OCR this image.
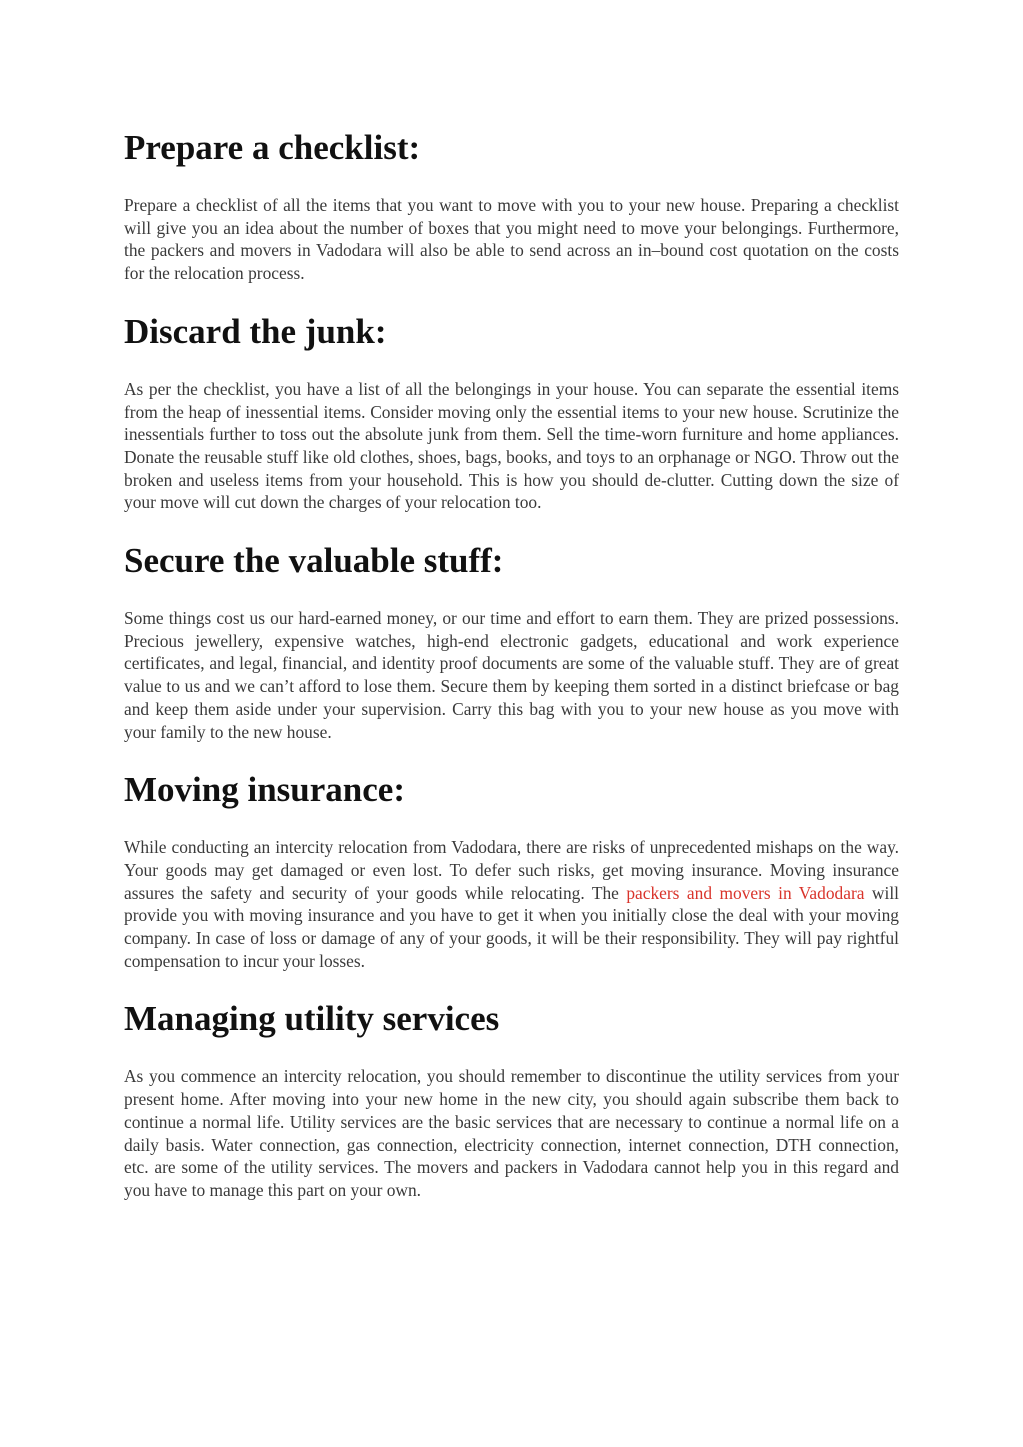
Prepare a checklist:

Prepare a checklist of all the items that you want to move with you to your new house. Preparing a checklist will give you an idea about the number of boxes that you might need to move your belongings. Furthermore, the packers and movers in Vadodara will also be able to send across an in–bound cost quotation on the costs for the relocation process.

Discard the junk:

As per the checklist, you have a list of all the belongings in your house. You can separate the essential items from the heap of inessential items. Consider moving only the essential items to your new house. Scrutinize the inessentials further to toss out the absolute junk from them. Sell the time-worn furniture and home appliances. Donate the reusable stuff like old clothes, shoes, bags, books, and toys to an orphanage or NGO. Throw out the broken and useless items from your household. This is how you should de-clutter. Cutting down the size of your move will cut down the charges of your relocation too.

Secure the valuable stuff:

Some things cost us our hard-earned money, or our time and effort to earn them. They are prized possessions. Precious jewellery, expensive watches, high-end electronic gadgets, educational and work experience certificates, and legal, financial, and identity proof documents are some of the valuable stuff. They are of great value to us and we can’t afford to lose them. Secure them by keeping them sorted in a distinct briefcase or bag and keep them aside under your supervision. Carry this bag with you to your new house as you move with your family to the new house.

Moving insurance:

While conducting an intercity relocation from Vadodara, there are risks of unprecedented mishaps on the way. Your goods may get damaged or even lost. To defer such risks, get moving insurance. Moving insurance assures the safety and security of your goods while relocating. The packers and movers in Vadodara will provide you with moving insurance and you have to get it when you initially close the deal with your moving company. In case of loss or damage of any of your goods, it will be their responsibility. They will pay rightful compensation to incur your losses.

Managing utility services

As you commence an intercity relocation, you should remember to discontinue the utility services from your present home. After moving into your new home in the new city, you should again subscribe them back to continue a normal life. Utility services are the basic services that are necessary to continue a normal life on a daily basis. Water connection, gas connection, electricity connection, internet connection, DTH connection, etc. are some of the utility services. The movers and packers in Vadodara cannot help you in this regard and you have to manage this part on your own.
